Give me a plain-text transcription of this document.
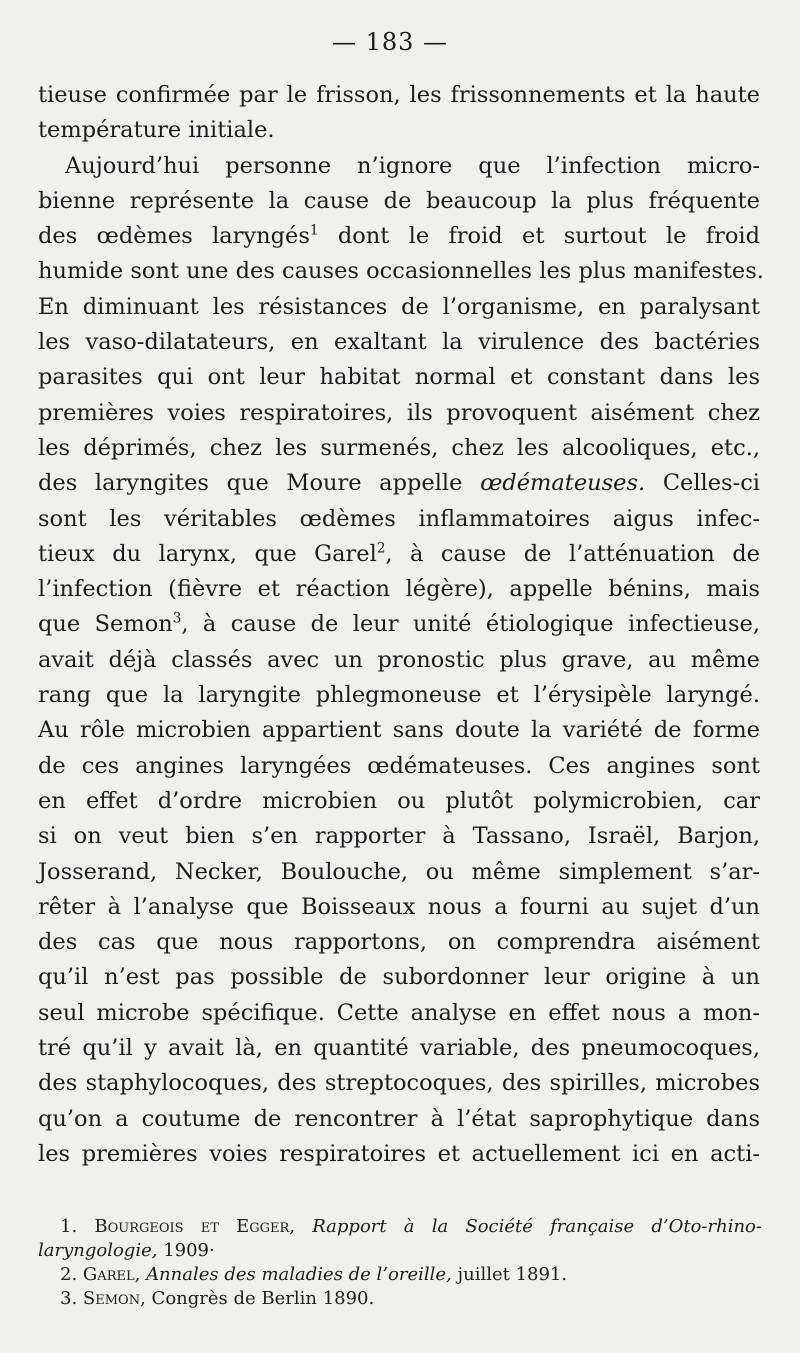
— 183 —
tieuse confirmée par le frisson, les frissonnements et la haute
température initiale.
Aujourd’hui personne n’ignore que l’infection micro-
bienne représente la cause de beaucoup la plus fréquente
des œdèmes laryngés$^1$ dont le froid et surtout le froid
humide sont une des causes occasionnelles les plus manifestes.
En diminuant les résistances de l’organisme, en paralysant
les vaso-dilatateurs, en exaltant la virulence des bactéries
parasites qui ont leur habitat normal et constant dans les
premières voies respiratoires, ils provoquent aisément chez
les déprimés, chez les surmenés, chez les alcooliques, etc.,
des laryngites que Moure appelle œdémateuses. Celles-ci
sont les véritables œdèmes inflammatoires aigus infec-
tieux du larynx, que Garel$^2$, à cause de l’atténuation de
l’infection (fièvre et réaction légère), appelle bénins, mais
que Semon$^3$, à cause de leur unité étiologique infectieuse,
avait déjà classés avec un pronostic plus grave, au même
rang que la laryngite phlegmoneuse et l’érysipèle laryngé.
Au rôle microbien appartient sans doute la variété de forme
de ces angines laryngées œdémateuses. Ces angines sont
en effet d’ordre microbien ou plutôt polymicrobien, car
si on veut bien s’en rapporter à Tassano, Israël, Barjon,
Josserand, Necker, Boulouche, ou même simplement s’ar-
rêter à l’analyse que Boisseaux nous a fourni au sujet d’un
des cas que nous rapportons, on comprendra aisément
qu’il n’est pas possible de subordonner leur origine à un
seul microbe spécifique. Cette analyse en effet nous a mon-
tré qu’il y avait là, en quantité variable, des pneumocoques,
des staphylocoques, des streptocoques, des spirilles, microbes
qu’on a coutume de rencontrer à l’état saprophytique dans
les premières voies respiratoires et actuellement ici en acti-
1. Bourgeois et Egger, Rapport à la Société française d’Oto-rhino-
laryngologie, 1909·
2. Garel, Annales des maladies de l’oreille, juillet 1891.
3. Semon, Congrès de Berlin 1890.
